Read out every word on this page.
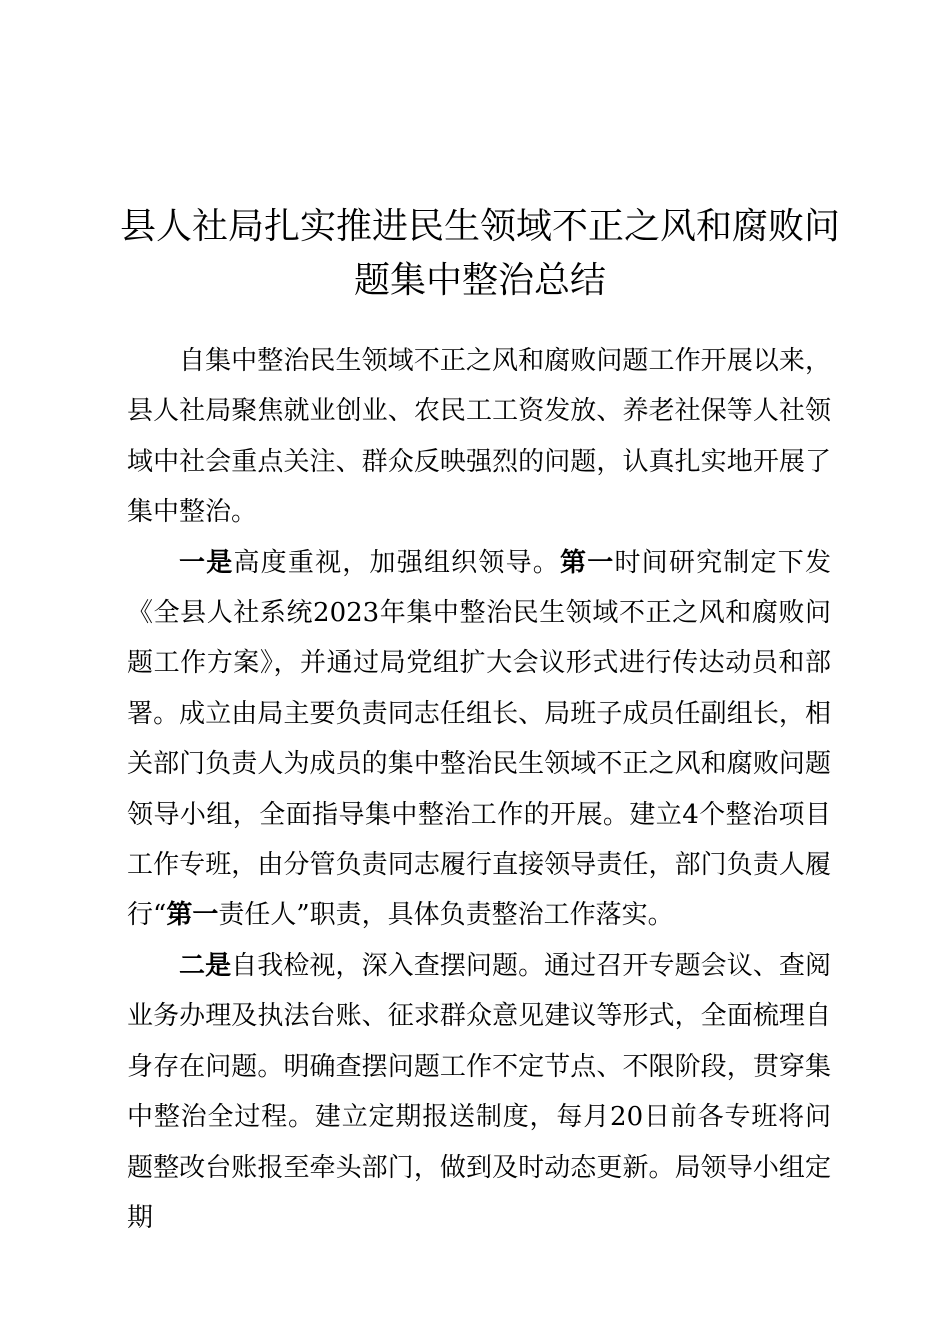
县人社局扎实推进民生领域不正之风和腐败问
题集中整治总结

自集中整治民生领域不正之风和腐败问题工作开展以来，县人社局聚焦就业创业、农民工工资发放、养老社保等人社领域中社会重点关注、群众反映强烈的问题，认真扎实地开展了集中整治。

一是高度重视，加强组织领导。第一时间研究制定下发《全县人社系统2023年集中整治民生领域不正之风和腐败问题工作方案》，并通过局党组扩大会议形式进行传达动员和部署。成立由局主要负责同志任组长、局班子成员任副组长，相关部门负责人为成员的集中整治民生领域不正之风和腐败问题领导小组，全面指导集中整治工作的开展。建立4个整治项目工作专班，由分管负责同志履行直接领导责任，部门负责人履行“第一责任人”职责，具体负责整治工作落实。

二是自我检视，深入查摆问题。通过召开专题会议、查阅业务办理及执法台账、征求群众意见建议等形式，全面梳理自身存在问题。明确查摆问题工作不定节点、不限阶段，贯穿集中整治全过程。建立定期报送制度，每月20日前各专班将问题整改台账报至牵头部门，做到及时动态更新。局领导小组定期
